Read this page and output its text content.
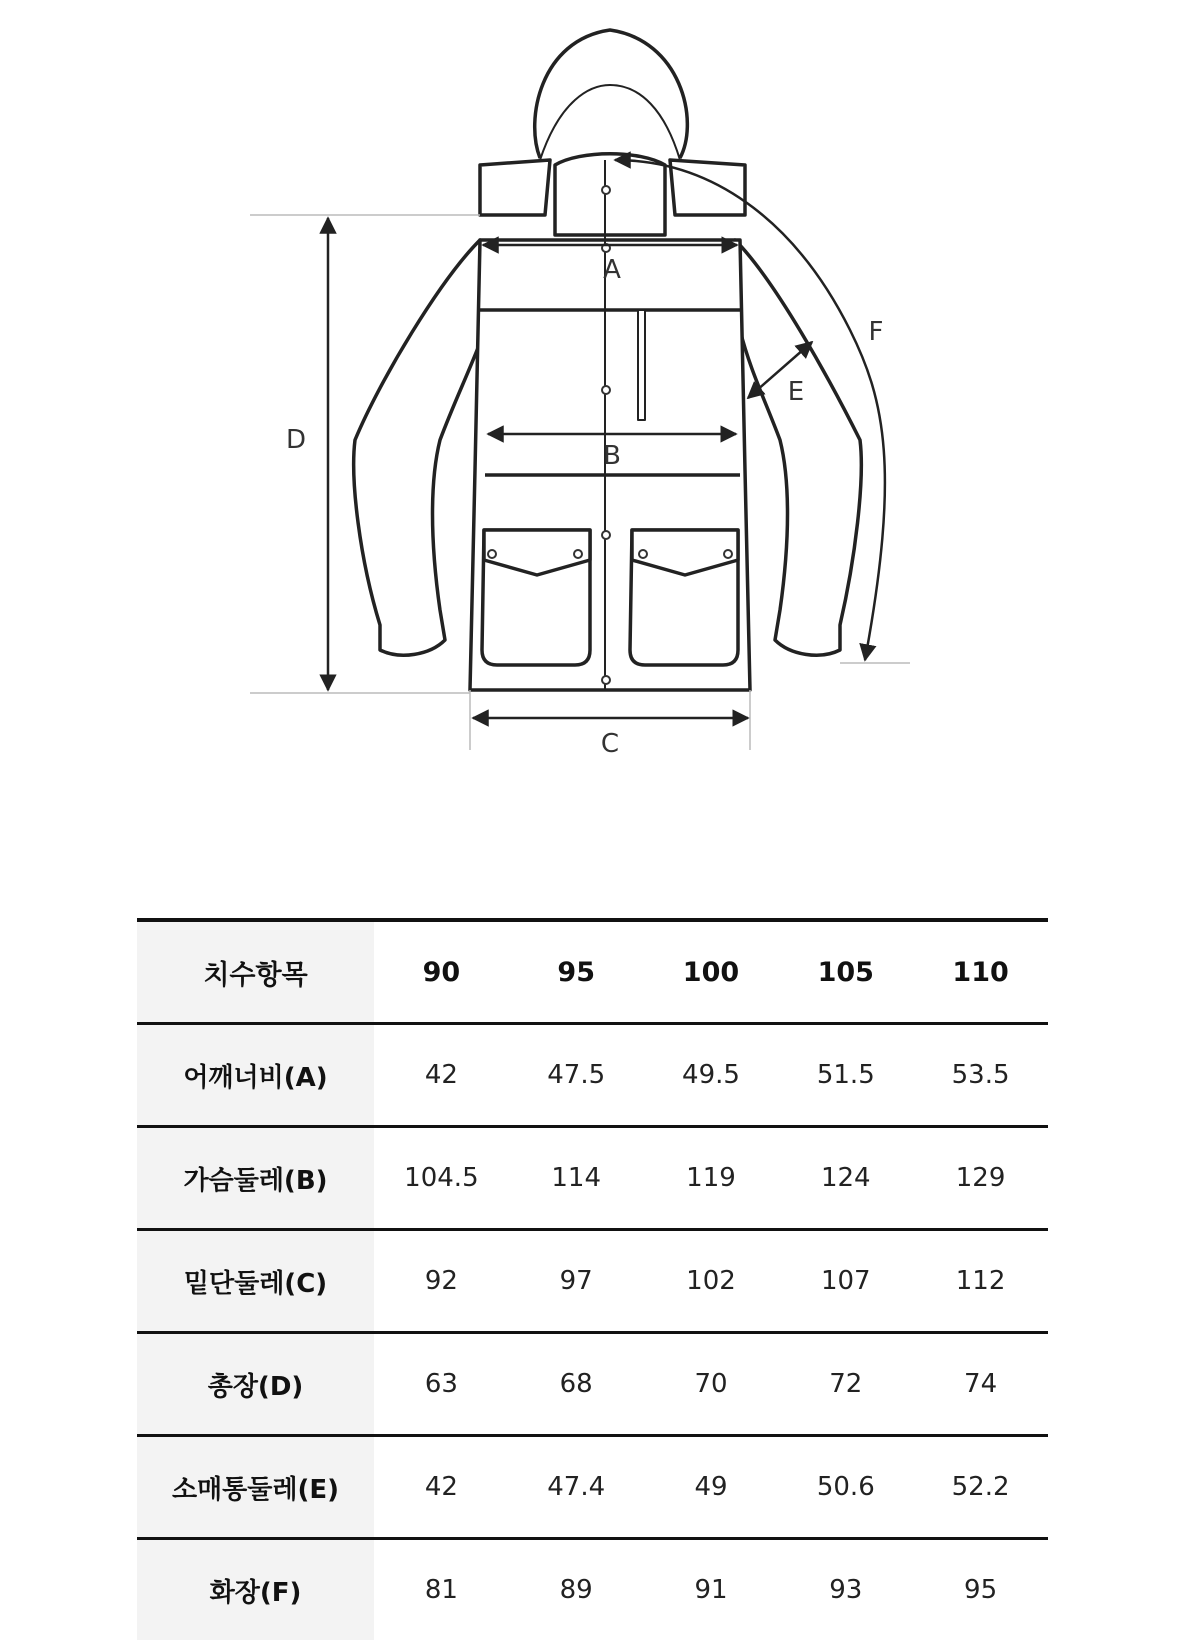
A
B
C
D
E
F
치수항목	90	95	100	105	110
어깨너비(A)	42	47.5	49.5	51.5	53.5
가슴둘레(B)	104.5	114	119	124	129
밑단둘레(C)	92	97	102	107	112
총장(D)	63	68	70	72	74
소매통둘레(E)	42	47.4	49	50.6	52.2
화장(F)	81	89	91	93	95
